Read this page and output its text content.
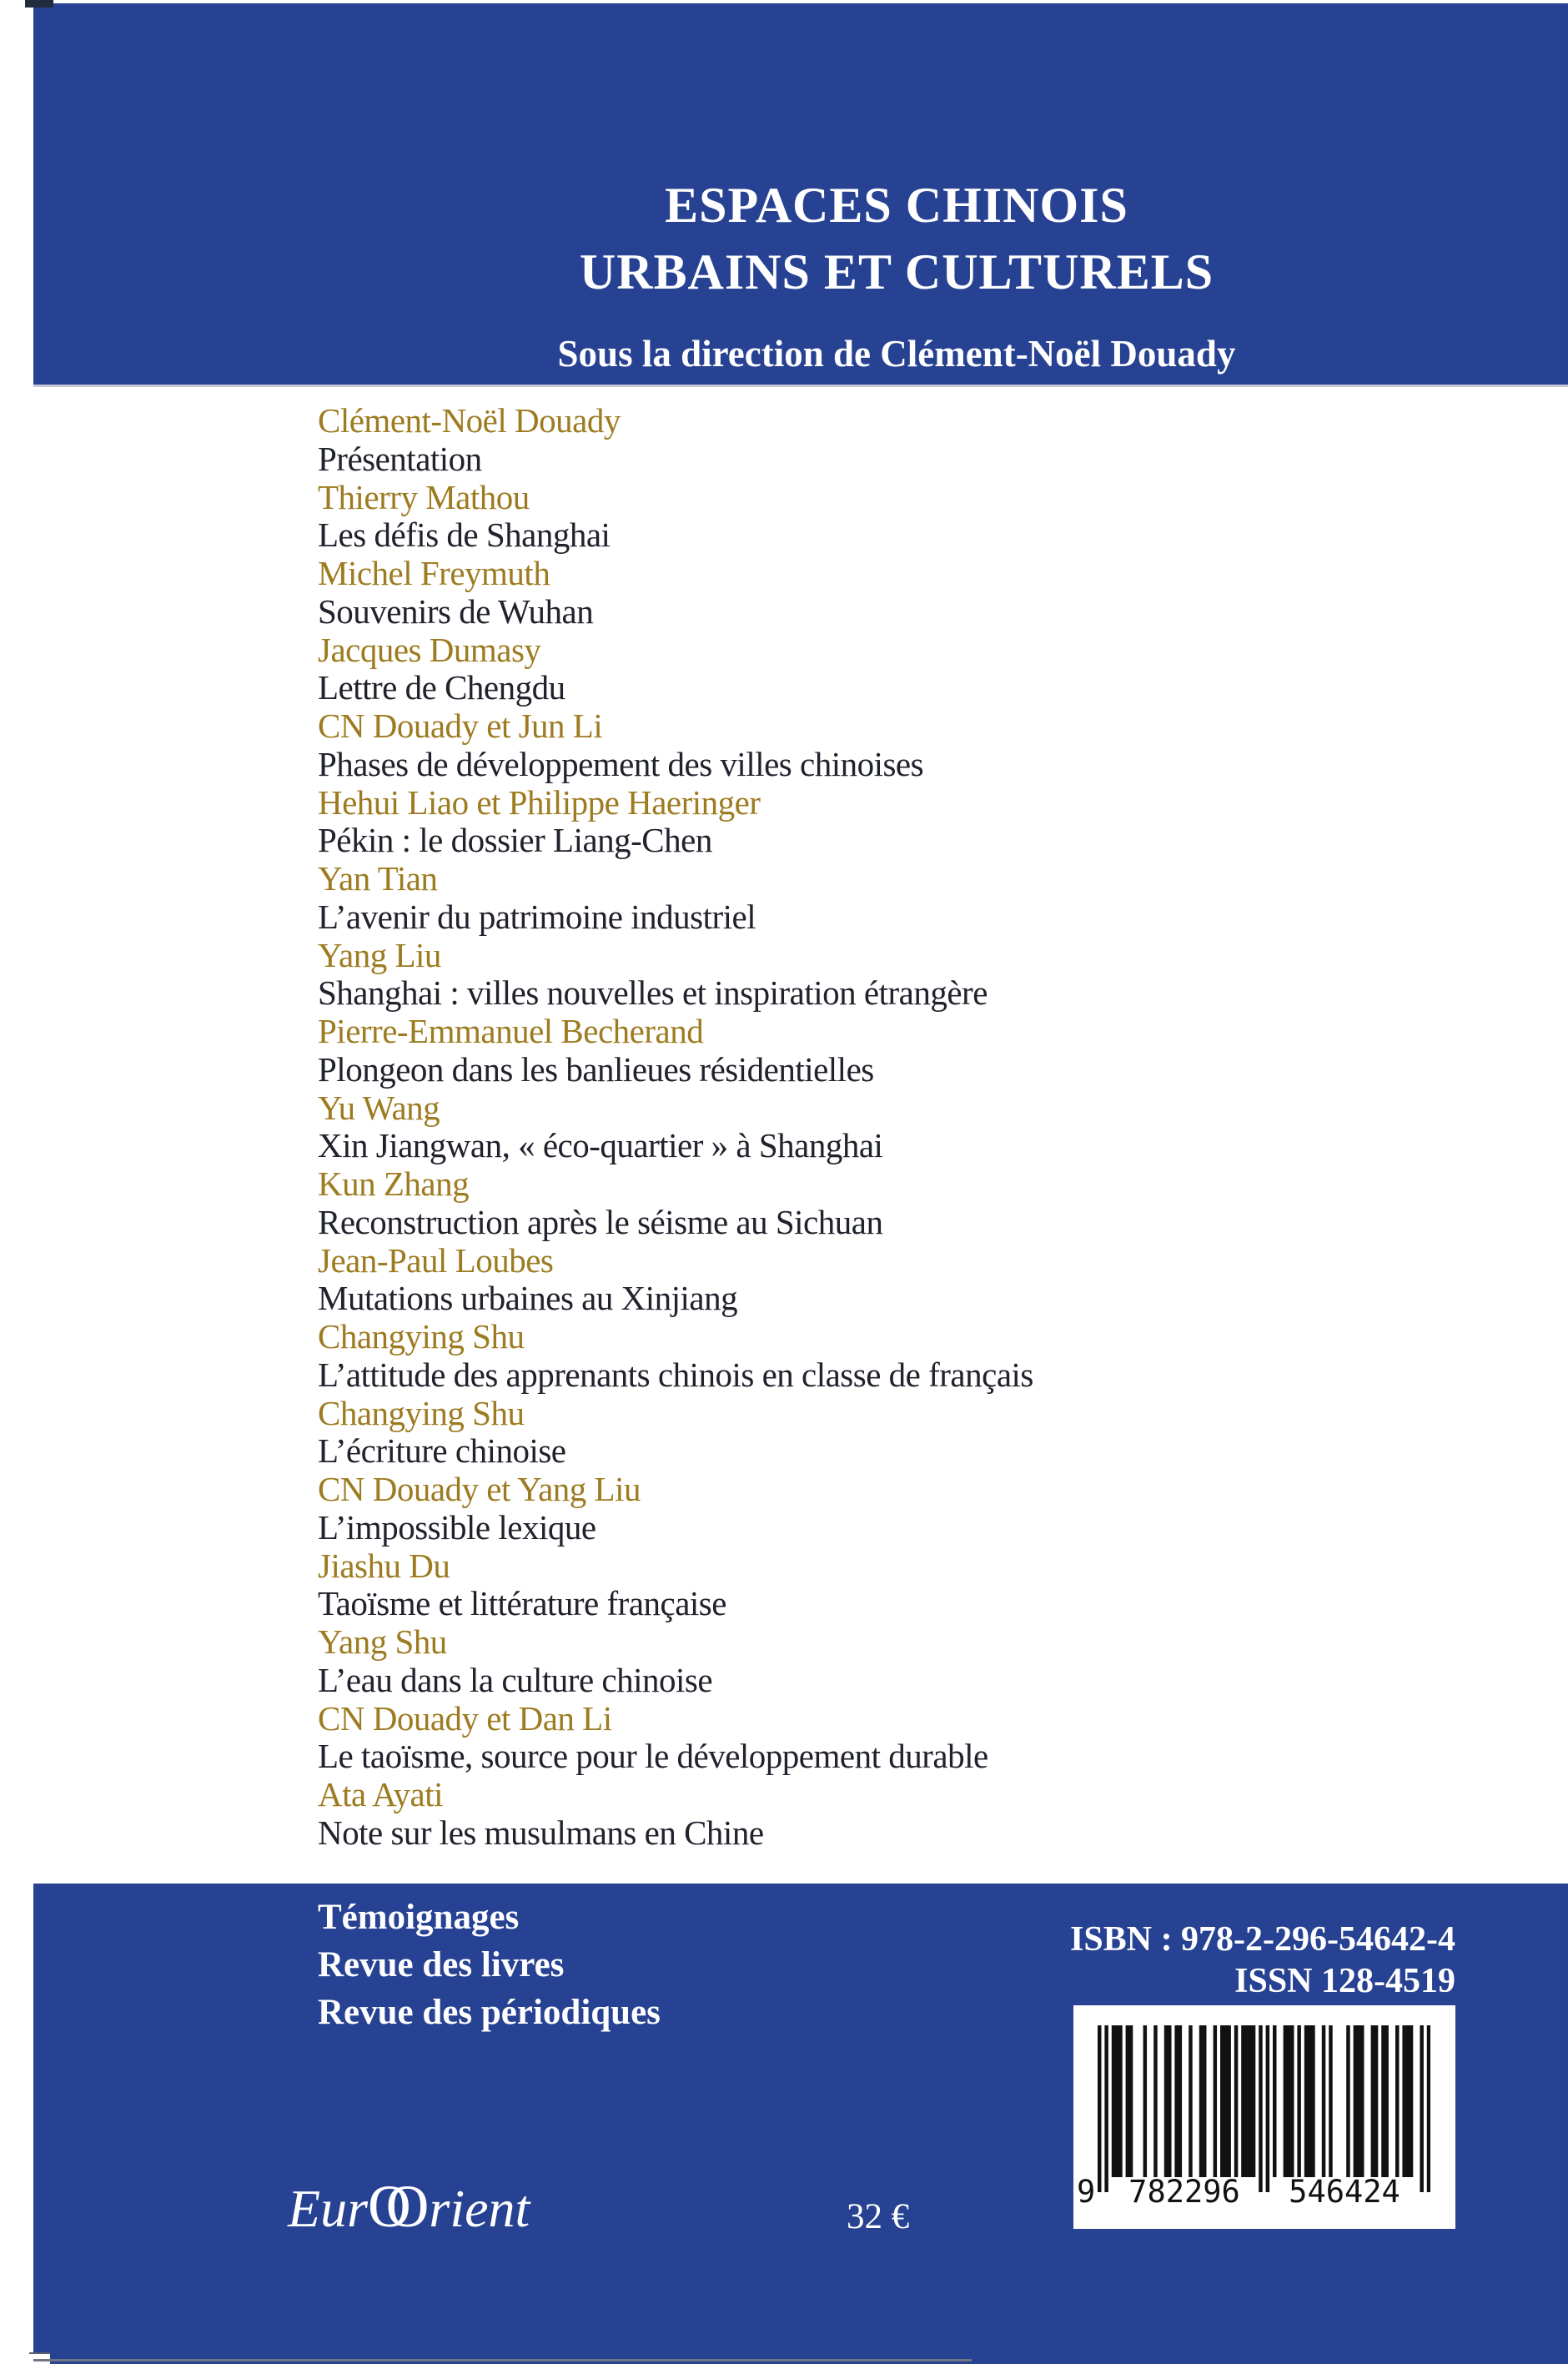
ESPACES CHINOIS
URBAINS ET CULTURELS
Sous la direction de Clément-Noël Douady
Clément-Noël Douady
Présentation
Thierry Mathou
Les défis de Shanghai
Michel Freymuth
Souvenirs de Wuhan
Jacques Dumasy
Lettre de Chengdu
CN Douady et Jun Li
Phases de développement des villes chinoises
Hehui Liao et Philippe Haeringer
Pékin : le dossier Liang-Chen
Yan Tian
L’avenir du patrimoine industriel
Yang Liu
Shanghai : villes nouvelles et inspiration étrangère
Pierre-Emmanuel Becherand
Plongeon dans les banlieues résidentielles
Yu Wang
Xin Jiangwan, « éco-quartier » à Shanghai
Kun Zhang
Reconstruction après le séisme au Sichuan
Jean-Paul Loubes
Mutations urbaines au Xinjiang
Changying Shu
L’attitude des apprenants chinois en classe de français
Changying Shu
L’écriture chinoise
CN Douady et Yang Liu
L’impossible lexique
Jiashu Du
Taoïsme et littérature française
Yang Shu
L’eau dans la culture chinoise
CN Douady et Dan Li
Le taoïsme, source pour le développement durable
Ata Ayati
Note sur les musulmans en Chine
Témoignages
Revue des livres
Revue des périodiques
ISBN : 978-2-296-54642-4
ISSN 128-4519
9	782296	546424
EurOO rient	32 €
